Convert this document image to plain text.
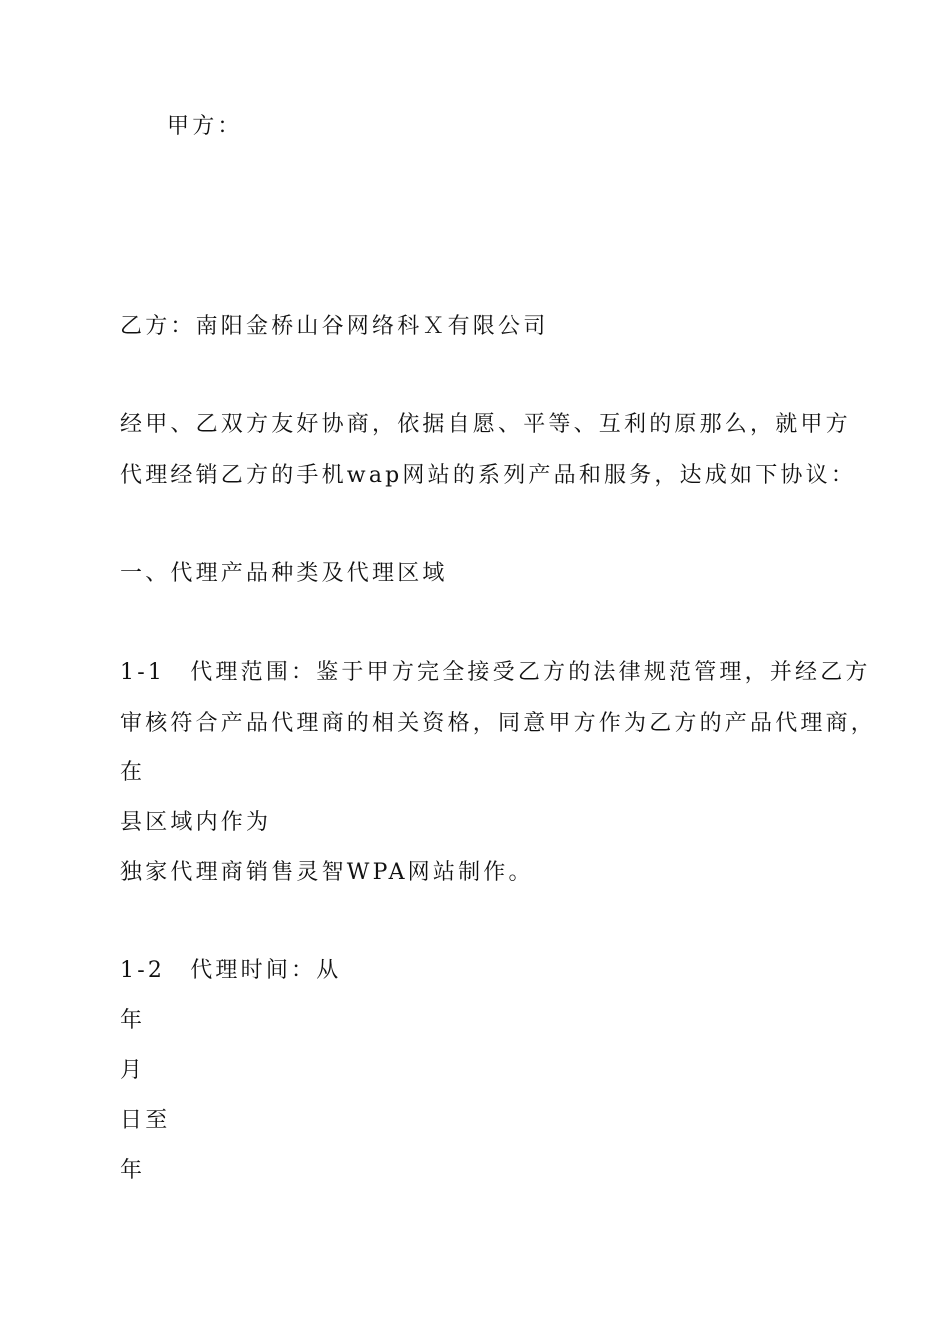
甲方：
乙方：南阳金桥山谷网络科Ｘ有限公司
经甲、乙双方友好协商，依据自愿、平等、互利的原那么，就甲方
代理经销乙方的手机wap网站的系列产品和服务，达成如下协议：
一、代理产品种类及代理区域
1-1　代理范围：鉴于甲方完全接受乙方的法律规范管理，并经乙方
审核符合产品代理商的相关资格，同意甲方作为乙方的产品代理商，
在
县区域内作为
独家代理商销售灵智WPA网站制作。
1-2　代理时间：从
年
月
日至
年
